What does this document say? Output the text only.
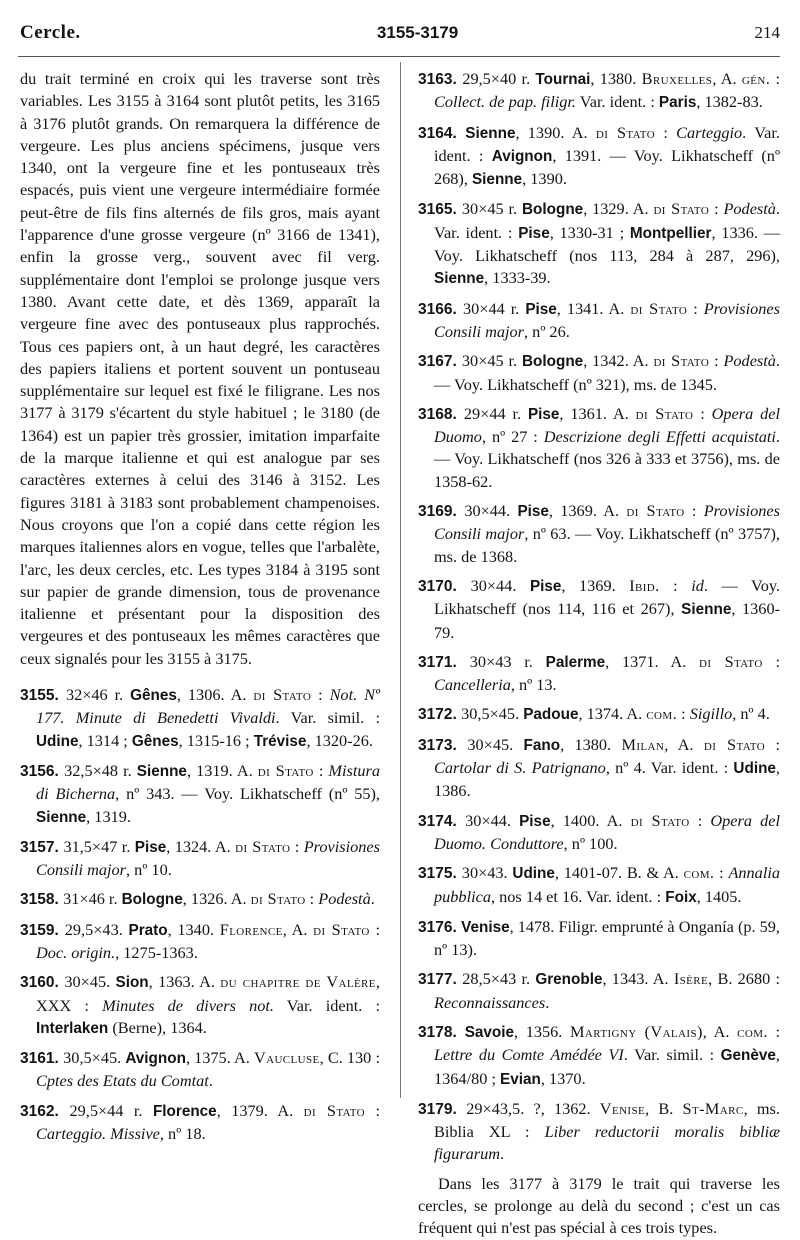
Cercle.	3155-3179	214

du trait terminé en croix qui les traverse sont très variables. Les 3155 à 3164 sont plutôt petits, les 3165 à 3176 plutôt grands. On remarquera la différence de vergeure. Les plus anciens spécimens, jusque vers 1340, ont la vergeure fine et les pontuseaux très espacés, puis vient une vergeure intermédiaire formée peut-être de fils fins alternés de fils gros, mais ayant l'apparence d'une grosse vergeure (nº 3166 de 1341), enfin la grosse verg., souvent avec fil verg. supplémentaire dont l'emploi se prolonge jusque vers 1380. Avant cette date, et dès 1369, apparaît la vergeure fine avec des pontuseaux plus rapprochés. Tous ces papiers ont, à un haut degré, les caractères des papiers italiens et portent souvent un pontuseau supplémentaire sur lequel est fixé le filigrane. Les nos 3177 à 3179 s'écartent du style habituel ; le 3180 (de 1364) est un papier très grossier, imitation imparfaite de la marque italienne et qui est analogue par ses caractères externes à celui des 3146 à 3152. Les figures 3181 à 3183 sont probablement champenoises. Nous croyons que l'on a copié dans cette région les marques italiennes alors en vogue, telles que l'arbalète, l'arc, les deux cercles, etc. Les types 3184 à 3195 sont sur papier de grande dimension, tous de provenance italienne et présentant pour la disposition des vergeures et des pontuseaux les mêmes caractères que ceux signalés pour les 3155 à 3175.

3155. 32×46 r. Gênes, 1306. A. di Stato : Not. Nº 177. Minute di Benedetti Vivaldi. Var. simil. : Udine, 1314 ; Gênes, 1315-16 ; Trévise, 1320-26.

3156. 32,5×48 r. Sienne, 1319. A. di Stato : Mistura di Bicherna, nº 343. — Voy. Likhatscheff (nº 55), Sienne, 1319.

3157. 31,5×47 r. Pise, 1324. A. di Stato : Provisiones Consili major, nº 10.

3158. 31×46 r. Bologne, 1326. A. di Stato : Podestà.

3159. 29,5×43. Prato, 1340. Florence, A. di Stato : Doc. origin., 1275-1363.

3160. 30×45. Sion, 1363. A. du chapitre de Valère, XXX : Minutes de divers not. Var. ident. : Interlaken (Berne), 1364.

3161. 30,5×45. Avignon, 1375. A. Vaucluse, C. 130 : Cptes des Etats du Comtat.

3162. 29,5×44 r. Florence, 1379. A. di Stato : Carteggio. Missive, nº 18.

3163. 29,5×40 r. Tournai, 1380. Bruxelles, A. gén. : Collect. de pap. filigr. Var. ident. : Paris, 1382-83.

3164. Sienne, 1390. A. di Stato : Carteggio. Var. ident. : Avignon, 1391. — Voy. Likhatscheff (nº 268), Sienne, 1390.

3165. 30×45 r. Bologne, 1329. A. di Stato : Podestà. Var. ident. : Pise, 1330-31 ; Montpellier, 1336. — Voy. Likhatscheff (nos 113, 284 à 287, 296), Sienne, 1333-39.

3166. 30×44 r. Pise, 1341. A. di Stato : Provisiones Consili major, nº 26.

3167. 30×45 r. Bologne, 1342. A. di Stato : Podestà. — Voy. Likhatscheff (nº 321), ms. de 1345.

3168. 29×44 r. Pise, 1361. A. di Stato : Opera del Duomo, nº 27 : Descrizione degli Effetti acquistati. — Voy. Likhatscheff (nos 326 à 333 et 3756), ms. de 1358-62.

3169. 30×44. Pise, 1369. A. di Stato : Provisiones Consili major, nº 63. — Voy. Likhatscheff (nº 3757), ms. de 1368.

3170. 30×44. Pise, 1369. Ibid. : id. — Voy. Likhatscheff (nos 114, 116 et 267), Sienne, 1360-79.

3171. 30×43 r. Palerme, 1371. A. di Stato : Cancelleria, nº 13.

3172. 30,5×45. Padoue, 1374. A. com. : Sigillo, nº 4.

3173. 30×45. Fano, 1380. Milan, A. di Stato : Cartolar di S. Patrignano, nº 4. Var. ident. : Udine, 1386.

3174. 30×44. Pise, 1400. A. di Stato : Opera del Duomo. Conduttore, nº 100.

3175. 30×43. Udine, 1401-07. B. & A. com. : Annalia pubblica, nos 14 et 16. Var. ident. : Foix, 1405.

3176. Venise, 1478. Filigr. emprunté à Onganía (p. 59, nº 13).

3177. 28,5×43 r. Grenoble, 1343. A. Isère, B. 2680 : Reconnaissances.

3178. Savoie, 1356. Martigny (Valais), A. com. : Lettre du Comte Amédée VI. Var. simil. : Genève, 1364/80 ; Evian, 1370.

3179. 29×43,5. ?, 1362. Venise, B. St-Marc, ms. Biblia XL : Liber reductorii moralis bibliæ figurarum.

Dans les 3177 à 3179 le trait qui traverse les cercles, se prolonge au delà du second ; c'est un cas fréquent qui n'est pas spécial à ces trois types.
